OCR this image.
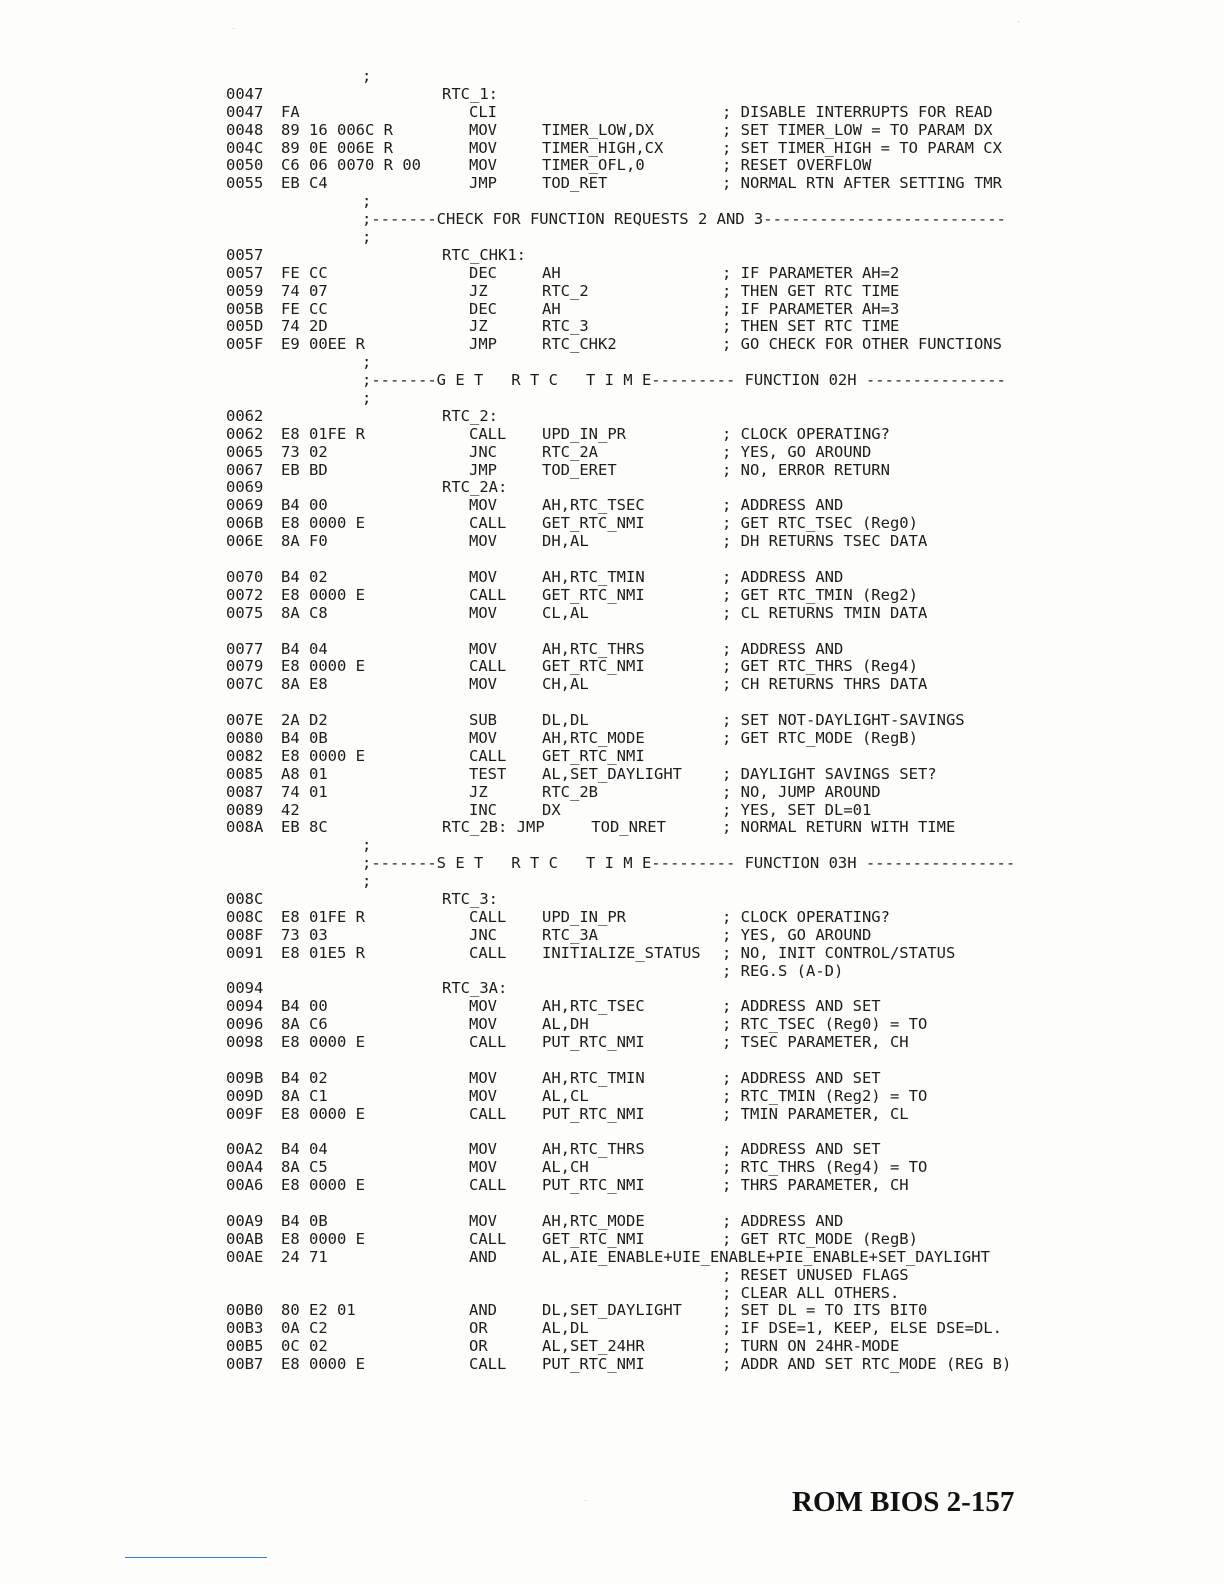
;
0047	RTC_1:
0047 FA	CLI	; DISABLE INTERRUPTS FOR READ
0048 89 16 006C R	MOV	TIMER_LOW,DX	; SET TIMER_LOW = TO PARAM DX
004C 89 0E 006E R	MOV	TIMER_HIGH,CX	; SET TIMER_HIGH = TO PARAM CX
0050 C6 06 0070 R 00	MOV	TIMER_OFL,0	; RESET OVERFLOW
0055 EB C4	JMP	TOD_RET	; NORMAL RTN AFTER SETTING TMR
;
;-------CHECK FOR FUNCTION REQUESTS 2 AND 3--------------------------
;
0057	RTC_CHK1:
0057 FE CC	DEC	AH	; IF PARAMETER AH=2
0059 74 07	JZ	RTC_2	; THEN GET RTC TIME
005B FE CC	DEC	AH	; IF PARAMETER AH=3
005D 74 2D	JZ	RTC_3	; THEN SET RTC TIME
005F E9 00EE R	JMP	RTC_CHK2	; GO CHECK FOR OTHER FUNCTIONS
;
;-------G E T   R T C   T I M E--------- FUNCTION 02H ---------------
;
0062	RTC_2:
0062 E8 01FE R	CALL UPD_IN_PR	; CLOCK OPERATING?
0065 73 02	JNC	RTC_2A	; YES, GO AROUND
0067 EB BD	JMP	TOD_ERET	; NO, ERROR RETURN
0069	RTC_2A:
0069 B4 00	MOV	AH,RTC_TSEC	; ADDRESS AND
006B E8 0000 E	CALL GET_RTC_NMI	; GET RTC_TSEC (Reg0)
006E 8A F0	MOV	DH,AL	; DH RETURNS TSEC DATA
0070 B4 02	MOV	AH,RTC_TMIN	; ADDRESS AND
0072 E8 0000 E	CALL GET_RTC_NMI	; GET RTC_TMIN (Reg2)
0075 8A C8	MOV	CL,AL	; CL RETURNS TMIN DATA
0077 B4 04	MOV	AH,RTC_THRS	; ADDRESS AND
0079 E8 0000 E	CALL GET_RTC_NMI	; GET RTC_THRS (Reg4)
007C 8A E8	MOV	CH,AL	; CH RETURNS THRS DATA
007E 2A D2	SUB	DL,DL	; SET NOT-DAYLIGHT-SAVINGS
0080 B4 0B	MOV	AH,RTC_MODE	; GET RTC_MODE (RegB)
0082 E8 0000 E	CALL GET_RTC_NMI
0085 A8 01	TEST AL,SET_DAYLIGHT	; DAYLIGHT SAVINGS SET?
0087 74 01	JZ	RTC_2B	; NO, JUMP AROUND
0089 42	INC	DX	; YES, SET DL=01
008A EB 8C	RTC_2B: JMP     TOD_NRET	; NORMAL RETURN WITH TIME
;
;-------S E T   R T C   T I M E--------- FUNCTION 03H ----------------
;
008C	RTC_3:
008C E8 01FE R	CALL UPD_IN_PR	; CLOCK OPERATING?
008F 73 03	JNC	RTC_3A	; YES, GO AROUND
0091 E8 01E5 R	CALL INITIALIZE_STATUS ; NO, INIT CONTROL/STATUS
; REG.S (A-D)
0094	RTC_3A:
0094 B4 00	MOV	AH,RTC_TSEC	; ADDRESS AND SET
0096 8A C6	MOV	AL,DH	; RTC_TSEC (Reg0) = TO
0098 E8 0000 E	CALL PUT_RTC_NMI	; TSEC PARAMETER, CH
009B B4 02	MOV	AH,RTC_TMIN	; ADDRESS AND SET
009D 8A C1	MOV	AL,CL	; RTC_TMIN (Reg2) = TO
009F E8 0000 E	CALL PUT_RTC_NMI	; TMIN PARAMETER, CL
00A2 B4 04	MOV	AH,RTC_THRS	; ADDRESS AND SET
00A4 8A C5	MOV	AL,CH	; RTC_THRS (Reg4) = TO
00A6 E8 0000 E	CALL PUT_RTC_NMI	; THRS PARAMETER, CH
00A9 B4 0B	MOV	AH,RTC_MODE	; ADDRESS AND
00AB E8 0000 E	CALL GET_RTC_NMI	; GET RTC_MODE (RegB)
00AE 24 71	AND	AL,AIE_ENABLE+UIE_ENABLE+PIE_ENABLE+SET_DAYLIGHT
; RESET UNUSED FLAGS
; CLEAR ALL OTHERS.
00B0 80 E2 01	AND	DL,SET_DAYLIGHT	; SET DL = TO ITS BIT0
00B3 0A C2	OR	AL,DL	; IF DSE=1, KEEP, ELSE DSE=DL.
00B5 0C 02	OR	AL,SET_24HR	; TURN ON 24HR-MODE
00B7 E8 0000 E	CALL PUT_RTC_NMI	; ADDR AND SET RTC_MODE (REG B)
ROM BIOS 2-157
